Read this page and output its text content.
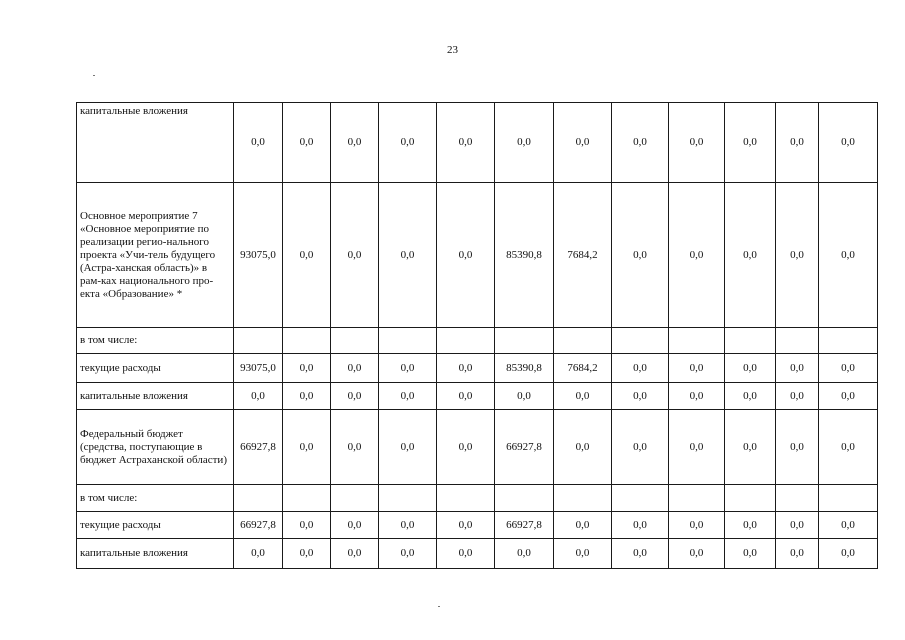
23
капитальные вложения	0,0	0,0	0,0	0,0	0,0	0,0	0,0	0,0	0,0	0,0	0,0	0,0
Основное мероприятие 7 «Основное мероприятие по реализации регио-нального проекта «Учи-тель будущего (Астра-ханская область)» в рам-ках национального про-екта «Образование» *	93075,0	0,0	0,0	0,0	0,0	85390,8	7684,2	0,0	0,0	0,0	0,0	0,0
в том числе:												
текущие расходы	93075,0	0,0	0,0	0,0	0,0	85390,8	7684,2	0,0	0,0	0,0	0,0	0,0
капитальные вложения	0,0	0,0	0,0	0,0	0,0	0,0	0,0	0,0	0,0	0,0	0,0	0,0
Федеральный бюджет (средства, поступающие в бюджет Астраханской области)	66927,8	0,0	0,0	0,0	0,0	66927,8	0,0	0,0	0,0	0,0	0,0	0,0
в том числе:												
текущие расходы	66927,8	0,0	0,0	0,0	0,0	66927,8	0,0	0,0	0,0	0,0	0,0	0,0
капитальные вложения	0,0	0,0	0,0	0,0	0,0	0,0	0,0	0,0	0,0	0,0	0,0	0,0
